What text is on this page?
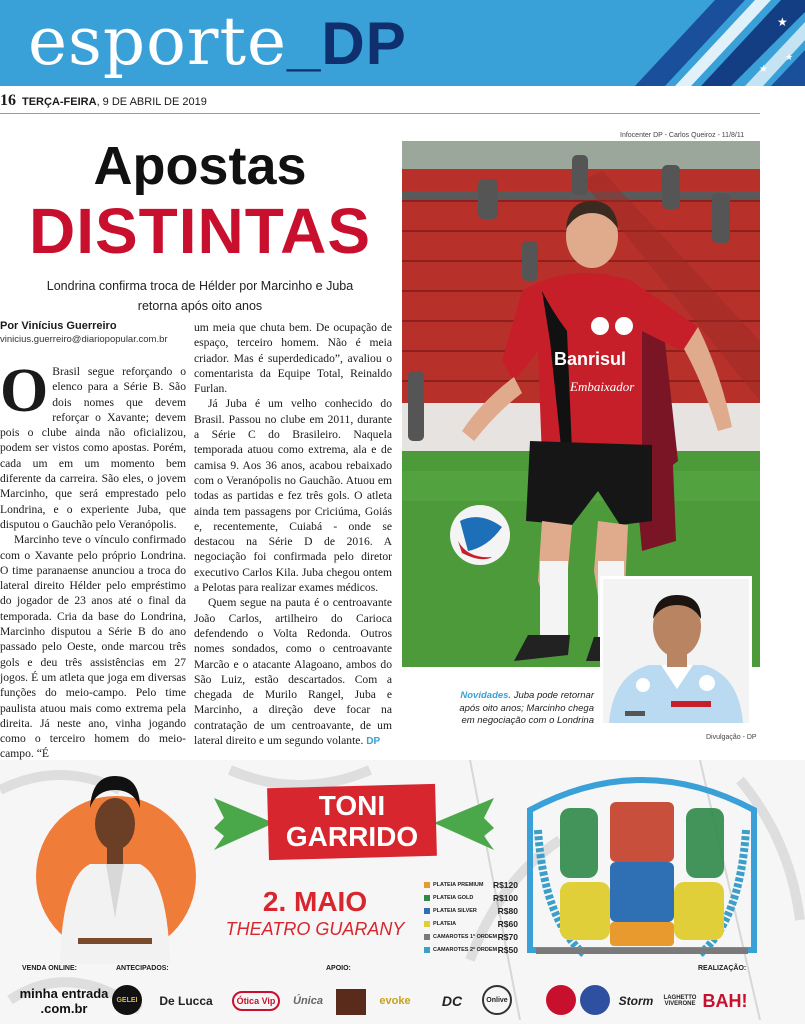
esporte_DP	★
★
★
16 TERÇA-FEIRA, 9 DE ABRIL DE 2019
Infocenter DP - Carlos Queiroz - 11/8/11
Apostas
DISTINTAS
Londrina confirma troca de Hélder por Marcinho e Juba retorna após oito anos
Por Vinícius Guerreiro
vinicius.guerreiro@diariopopular.com.br

O Brasil segue reforçando o elenco para a Série B. São dois nomes que devem reforçar o Xavante; devem pois o clube ainda não oficializou, podem ser vistos como apostas. Porém, cada um em um momento bem diferente da carreira. São eles, o jovem Marcinho, que será emprestado pelo Londrina, e o experiente Juba, que disputou o Gauchão pelo Veranópolis.

Marcinho teve o vínculo confirmado com o Xavante pelo próprio Londrina. O time paranaense anunciou a troca do lateral direito Hélder pelo empréstimo do jogador de 23 anos até o final da temporada. Cria da base do Londrina, Marcinho disputou a Série B do ano passado pelo Oeste, onde marcou três gols e deu três assistências em 27 jogos. É um atleta que joga em diversas funções do meio-campo. Pelo time paulista atuou mais como extrema pela direita. Já neste ano, vinha jogando como o terceiro homem do meio-campo. “É

um meia que chuta bem. De ocupação de espaço, terceiro homem. Não é meia criador. Mas é superdedicado”, avaliou o comentarista da Equipe Total, Reinaldo Furlan.

Já Juba é um velho conhecido do Brasil. Passou no clube em 2011, durante a Série C do Brasileiro. Naquela temporada atuou como extrema, ala e de camisa 9. Aos 36 anos, acabou rebaixado com o Veranópolis no Gauchão. Atuou em todas as partidas e fez três gols. O atleta ainda tem passagens por Criciúma, Goiás e, recentemente, Cuiabá - onde se destacou na Série D de 2016. A negociação foi confirmada pelo diretor executivo Carlos Kila. Juba chegou ontem a Pelotas para realizar exames médicos.

Quem segue na pauta é o centroavante João Carlos, artilheiro do Carioca defendendo o Volta Redonda. Outros nomes sondados, como o centroavante Marcão e o atacante Alagoano, ambos do São Luiz, estão descartados. Com a chegada de Murilo Rangel, Juba e Marcinho, a direção deve focar na contratação de um centroavante, de um lateral direito e um segundo volante. DP

Banrisul
Embaixador
Novidades. Juba pode retornar após oito anos; Marcinho chega em negociação com o Londrina
Divulgação - DP
TONI
GARRIDO
2. MAIO
THEATRO GUARANY
PLATEIA PREMIUM R$120
PLATEIA GOLD R$100
PLATEIA SILVER R$80
PLATEIA	R$60
CAMAROTES 1ª ORDEM R$70
CAMAROTES 2ª ORDEM R$50
VENDA ONLINE:	ANTECIPADOS:	APOIO:	REALIZAÇÃO:
minha entrada .com.br
GELEI	De Lucca	Ótica Vip	Única	evoke	DC	Onlive	Storm	LAGHETTO VIVERONE BAH!
